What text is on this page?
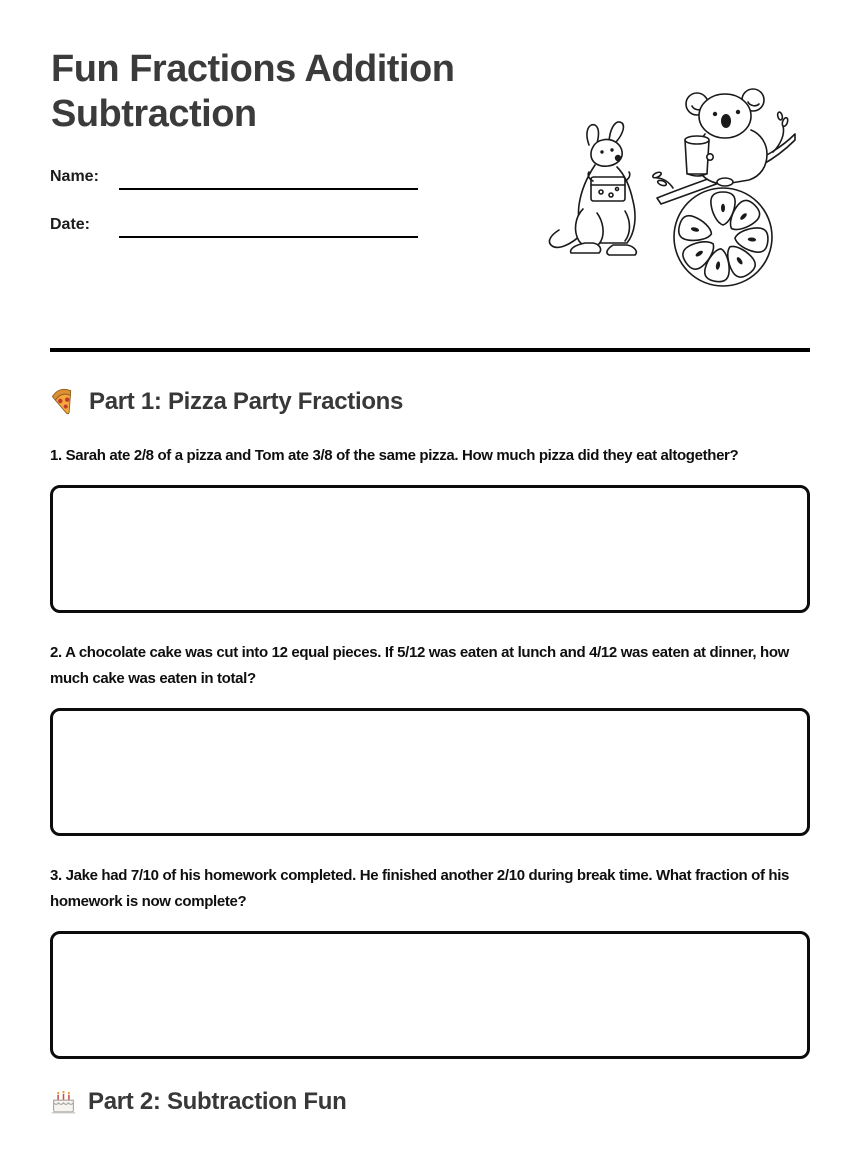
Fun Fractions Addition Subtraction
Name:
Date:
Part 1: Pizza Party Fractions

1. Sarah ate 2/8 of a pizza and Tom ate 3/8 of the same pizza. How much pizza did they eat altogether?

2. A chocolate cake was cut into 12 equal pieces. If 5/12 was eaten at lunch and 4/12 was eaten at dinner, how much cake was eaten in total?

3. Jake had 7/10 of his homework completed. He finished another 2/10 during break time. What fraction of his homework is now complete?

Part 2: Subtraction Fun
